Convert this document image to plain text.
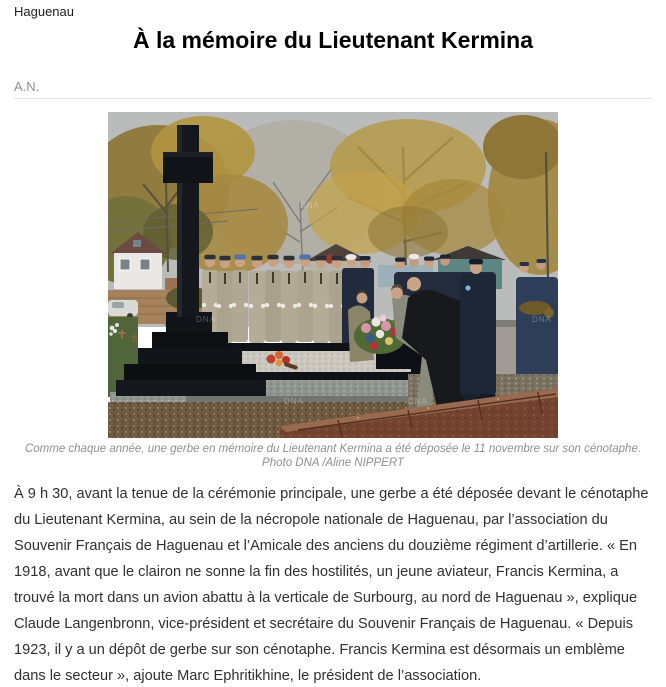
Haguenau
À la mémoire du Lieutenant Kermina
A.N.
DNA
DNA
DNA	DNA
DNA	DNA
Comme chaque année, une gerbe en mémoire du Lieutenant Kermina a été déposée le 11 novembre sur son cénotaphe.
Photo DNA /Aline NIPPERT

À 9 h 30, avant la tenue de la cérémonie principale, une gerbe a été déposée devant le cénotaphe du Lieutenant Kermina, au sein de la nécropole nationale de Haguenau, par l’association du Souvenir Français de Haguenau et l’Amicale des anciens du douzième régiment d’artillerie. « En 1918, avant que le clairon ne sonne la fin des hostilités, un jeune aviateur, Francis Kermina, a trouvé la mort dans un avion abattu à la verticale de Surbourg, au nord de Haguenau », explique Claude Langenbronn, vice-président et secrétaire du Souvenir Français de Haguenau. « Depuis 1923, il y a un dépôt de gerbe sur son cénotaphe. Francis Kermina est désormais un emblème dans le secteur », ajoute Marc Ephritikhine, le président de l’association.
